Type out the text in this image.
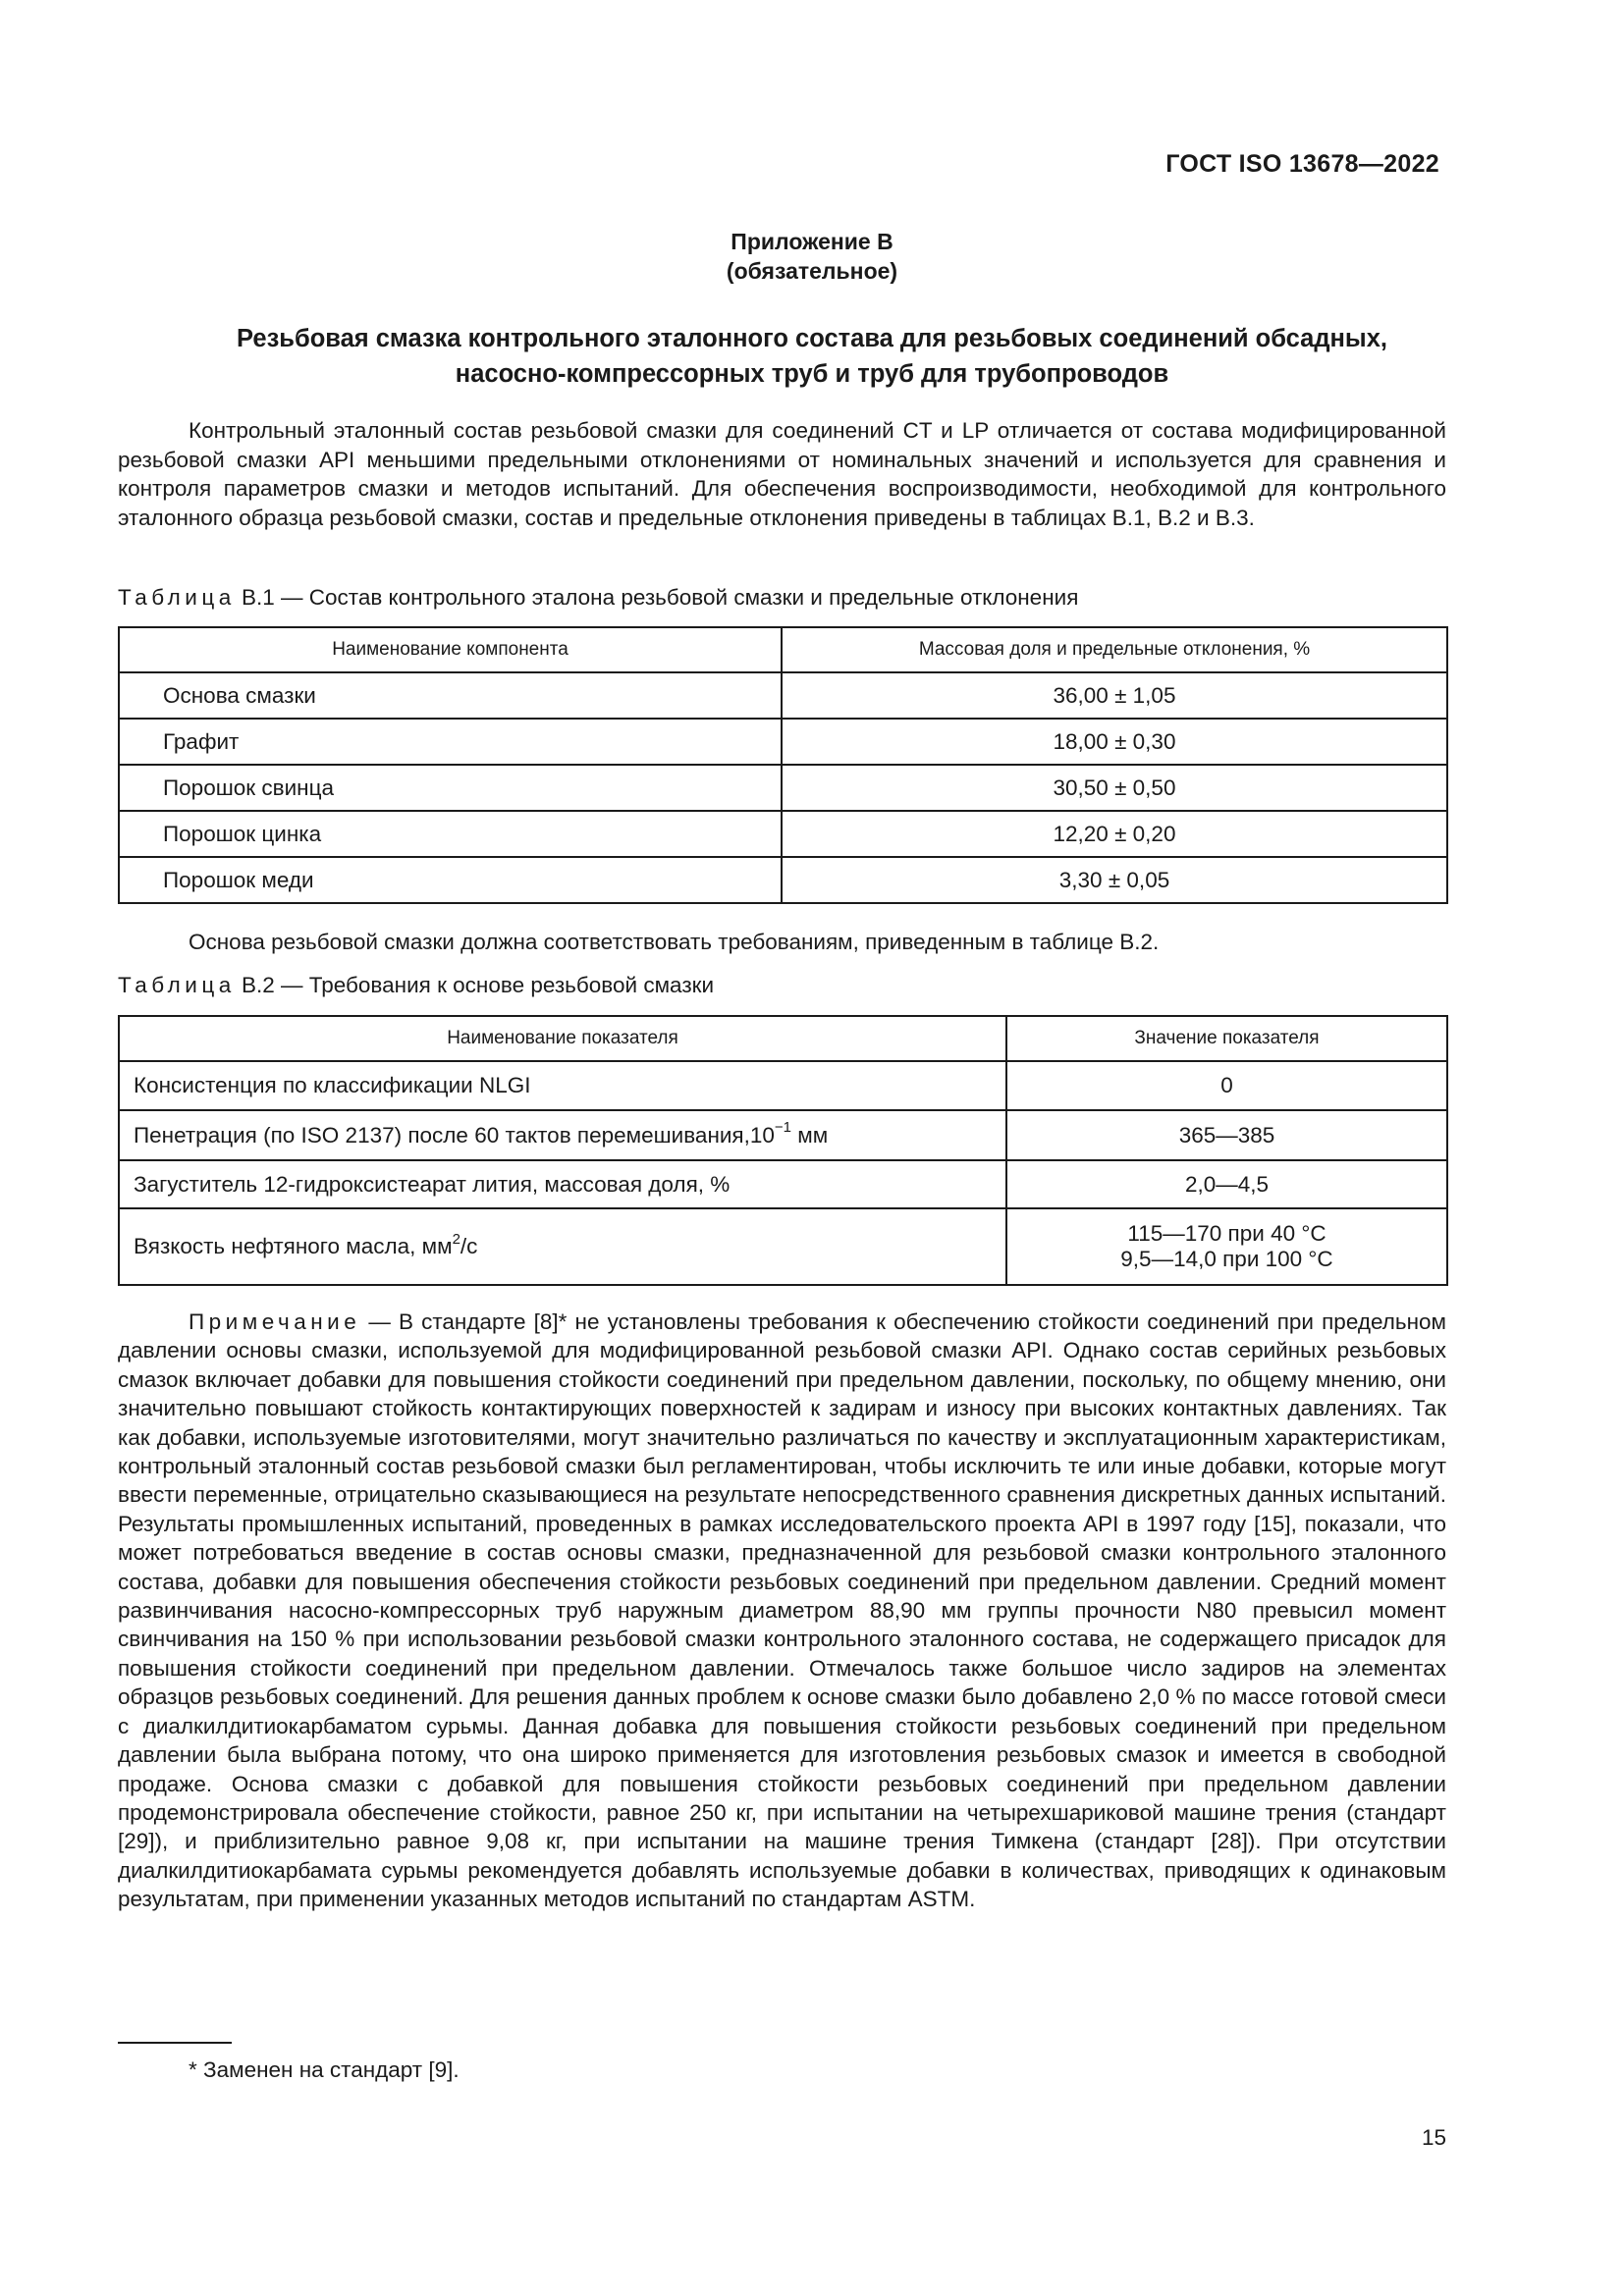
ГОСТ ISO 13678—2022
Приложение В
(обязательное)
Резьбовая смазка контрольного эталонного состава для резьбовых соединений обсадных,
насосно-компрессорных труб и труб для трубопроводов

Контрольный эталонный состав резьбовой смазки для соединений CT и LP отличается от состава модифицированной резьбовой смазки API меньшими предельными отклонениями от номинальных значений и используется для сравнения и контроля параметров смазки и методов испытаний. Для обеспечения воспроизводимости, необходимой для контрольного эталонного образца резьбовой смазки, состав и предельные отклонения приведены в таблицах В.1, В.2 и В.3.

Таблица В.1 — Состав контрольного эталона резьбовой смазки и предельные отклонения

Наименование компонента	Массовая доля и предельные отклонения, %
Основа смазки	36,00 ± 1,05
Графит	18,00 ± 0,30
Порошок свинца	30,50 ± 0,50
Порошок цинка	12,20 ± 0,20
Порошок меди	3,30 ± 0,05

Основа резьбовой смазки должна соответствовать требованиям, приведенным в таблице В.2.

Таблица В.2 — Требования к основе резьбовой смазки

Наименование показателя	Значение показателя
Консистенция по классификации NLGI	0
Пенетрация (по ISO 2137) после 60 тактов $перемешивания,10^{-1}$ мм	365—385
Загуститель 12-гидроксистеарат лития, массовая доля, %	2,0—4,5
Вязкость нефтяного масла, $мм^2/с$	115—170 при 40 °C
9,5—14,0 при 100 °C

Примечание — В стандарте [8]* не установлены требования к обеспечению стойкости соединений при предельном давлении основы смазки, используемой для модифицированной резьбовой смазки API. Однако состав серийных резьбовых смазок включает добавки для повышения стойкости соединений при предельном давлении, поскольку, по общему мнению, они значительно повышают стойкость контактирующих поверхностей к задирам и износу при высоких контактных давлениях. Так как добавки, используемые изготовителями, могут значительно различаться по качеству и эксплуатационным характеристикам, контрольный эталонный состав резьбовой смазки был регламентирован, чтобы исключить те или иные добавки, которые могут ввести переменные, отрицательно сказывающиеся на результате непосредственного сравнения дискретных данных испытаний. Результаты промышленных испытаний, проведенных в рамках исследовательского проекта API в 1997 году [15], показали, что может потребоваться введение в состав основы смазки, предназначенной для резьбовой смазки контрольного эталонного состава, добавки для повышения обеспечения стойкости резьбовых соединений при предельном давлении. Средний момент развинчивания насосно-компрессорных труб наружным диаметром 88,90 мм группы прочности N80 превысил момент свинчивания на 150 % при использовании резьбовой смазки контрольного эталонного состава, не содержащего присадок для повышения стойкости соединений при предельном давлении. Отмечалось также большое число задиров на элементах образцов резьбовых соединений. Для решения данных проблем к основе смазки было добавлено 2,0 % по массе готовой смеси с диалкилдитиокарбаматом сурьмы. Данная добавка для повышения стойкости резьбовых соединений при предельном давлении была выбрана потому, что она широко применяется для изготовления резьбовых смазок и имеется в свободной продаже. Основа смазки с добавкой для повышения стойкости резьбовых соединений при предельном давлении продемонстрировала обеспечение стойкости, равное 250 кг, при испытании на четырехшариковой машине трения (стандарт [29]), и приблизительно равное 9,08 кг, при испытании на машине трения Тимкена (стандарт [28]). При отсутствии диалкилдитиокарбамата сурьмы рекомендуется добавлять используемые добавки в количествах, приводящих к одинаковым результатам, при применении указанных методов испытаний по стандартам ASTM.

* Заменен на стандарт [9].
15
